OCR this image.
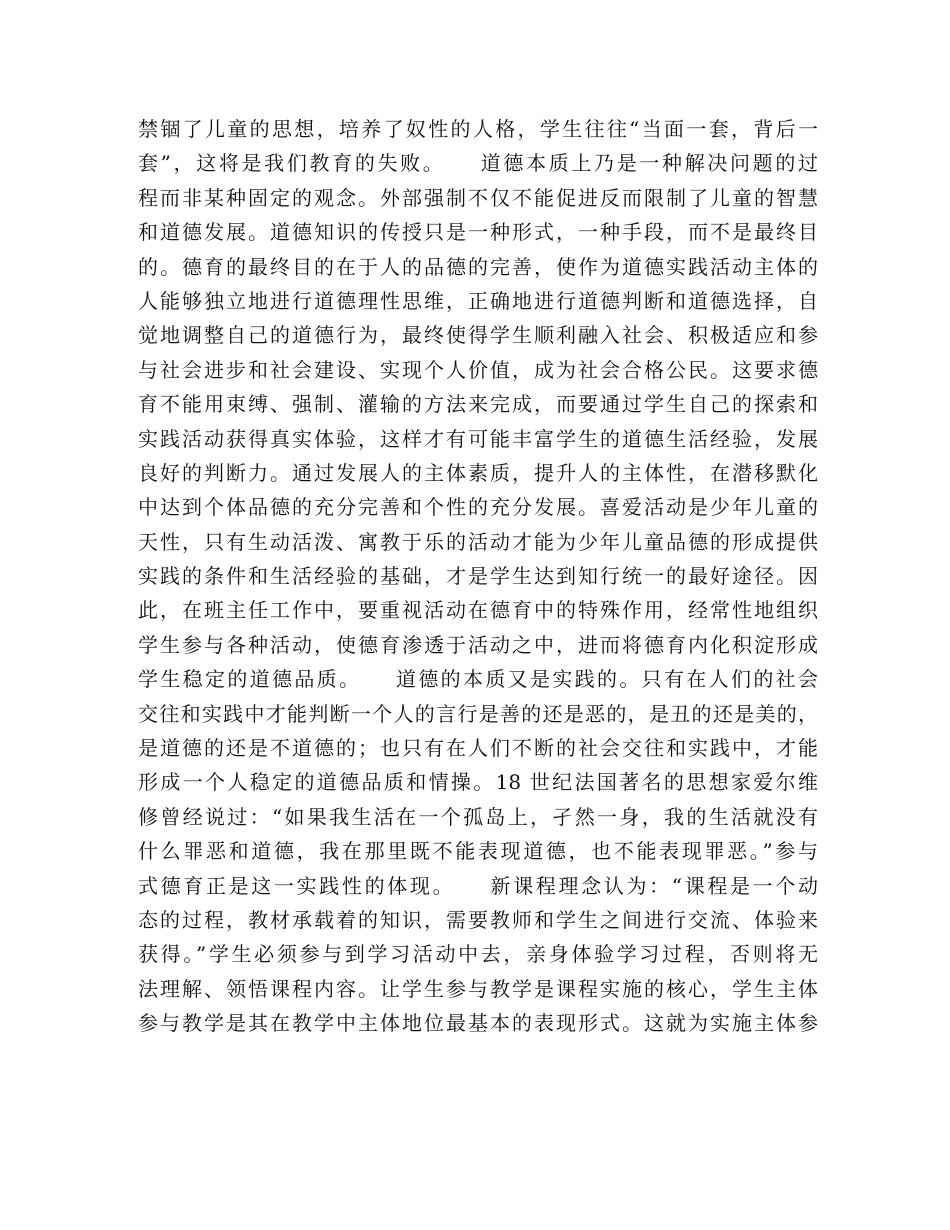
禁锢了儿童的思想，培养了奴性的人格，学生往往“当面一套，背后一
套”，这将是我们教育的失败。　　道德本质上乃是一种解决问题的过
程而非某种固定的观念。外部强制不仅不能促进反而限制了儿童的智慧
和道德发展。道德知识的传授只是一种形式，一种手段，而不是最终目
的。德育的最终目的在于人的品德的完善，使作为道德实践活动主体的
人能够独立地进行道德理性思维，正确地进行道德判断和道德选择，自
觉地调整自己的道德行为，最终使得学生顺利融入社会、积极适应和参
与社会进步和社会建设、实现个人价值，成为社会合格公民。这要求德
育不能用束缚、强制、灌输的方法来完成，而要通过学生自己的探索和
实践活动获得真实体验，这样才有可能丰富学生的道德生活经验，发展
良好的判断力。通过发展人的主体素质，提升人的主体性，在潜移默化
中达到个体品德的充分完善和个性的充分发展。喜爱活动是少年儿童的
天性，只有生动活泼、寓教于乐的活动才能为少年儿童品德的形成提供
实践的条件和生活经验的基础，才是学生达到知行统一的最好途径。因
此，在班主任工作中，要重视活动在德育中的特殊作用，经常性地组织
学生参与各种活动，使德育渗透于活动之中，进而将德育内化积淀形成
学生稳定的道德品质。　　道德的本质又是实践的。只有在人们的社会
交往和实践中才能判断一个人的言行是善的还是恶的，是丑的还是美的，
是道德的还是不道德的；也只有在人们不断的社会交往和实践中，才能
形成一个人稳定的道德品质和情操。18 世纪法国著名的思想家爱尔维
修曾经说过：“如果我生活在一个孤岛上，孑然一身，我的生活就没有
什么罪恶和道德，我在那里既不能表现道德，也不能表现罪恶。”参与
式德育正是这一实践性的体现。　　新课程理念认为：“课程是一个动
态的过程，教材承载着的知识，需要教师和学生之间进行交流、体验来
获得。”学生必须参与到学习活动中去，亲身体验学习过程，否则将无
法理解、领悟课程内容。让学生参与教学是课程实施的核心，学生主体
参与教学是其在教学中主体地位最基本的表现形式。这就为实施主体参
